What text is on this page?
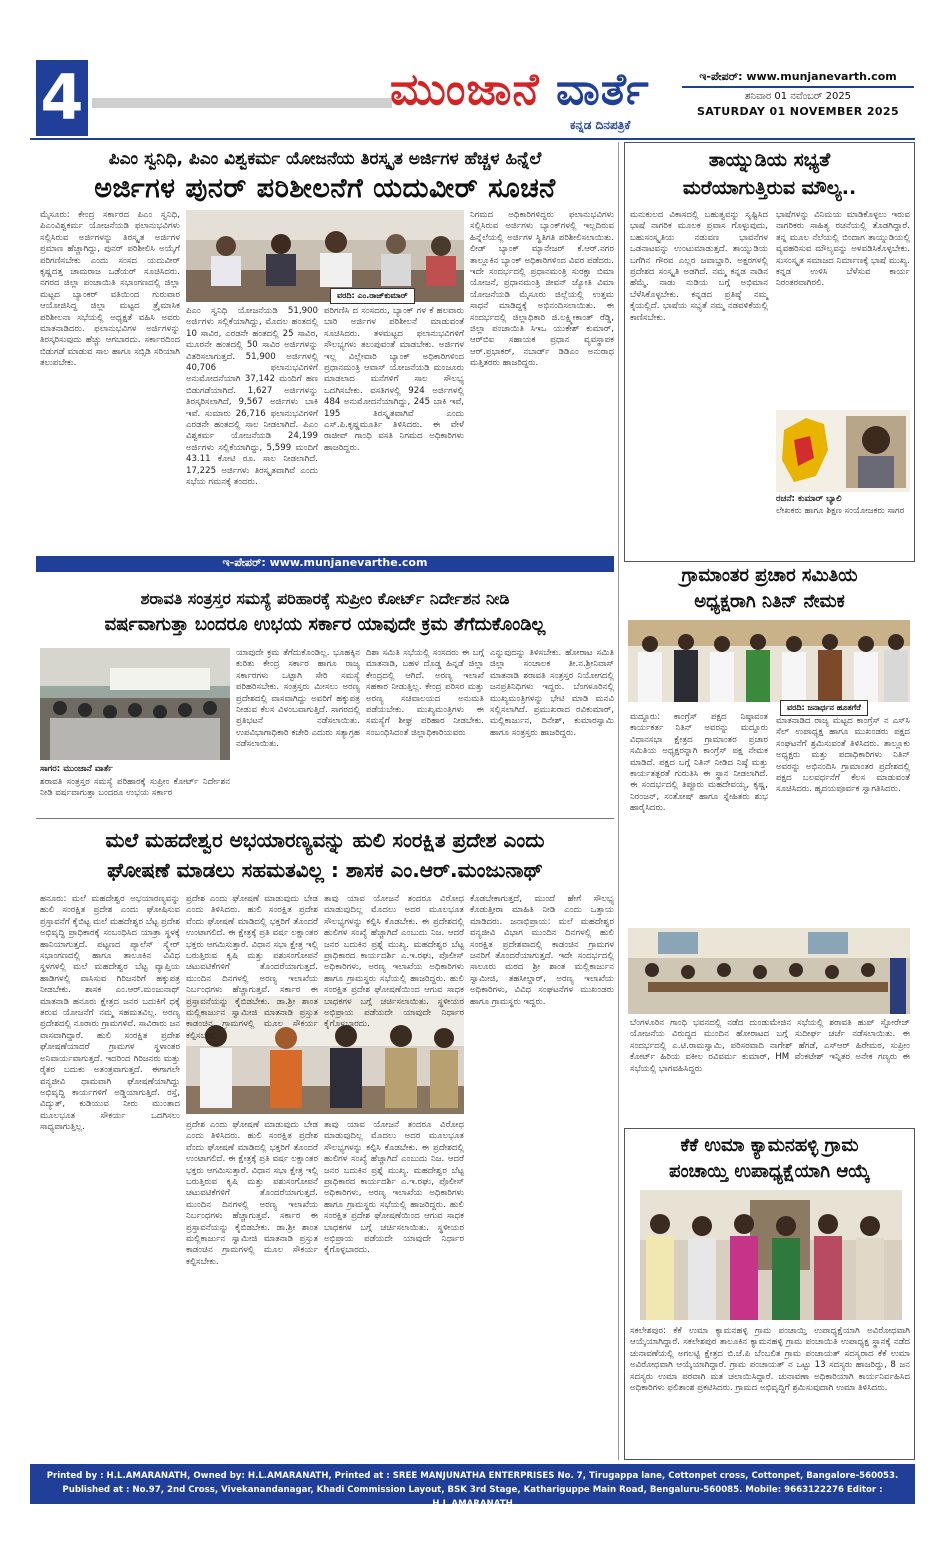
4	ಮುಂಜಾನೆ ವಾರ್ತೆ
ಕನ್ನಡ ದಿನಪತ್ರಿಕೆ
ಇ-ಪೇಪರ್: www.munjanevarth.com
ಶನಿವಾರ 01 ನವೆಂಬರ್ 2025
SATURDAY 01 NOVEMBER 2025
ಪಿಎಂ ಸ್ವನಿಧಿ, ಪಿಎಂ ವಿಶ್ವಕರ್ಮ ಯೋಜನೆಯ ತಿರಸ್ಕೃತ ಅರ್ಜಿಗಳ ಹೆಚ್ಚಳ ಹಿನ್ನೆಲೆ
ಅರ್ಜಿಗಳ ಪುನರ್ ಪರಿಶೀಲನೆಗೆ ಯದುವೀರ್ ಸೂಚನೆ
ಮೈಸೂರು: ಕೇಂದ್ರ ಸರ್ಕಾರದ ಪಿಎಂ ಸ್ವನಿಧಿ, ಪಿಎಂವಿಶ್ವಕರ್ಮ ಯೋಜನೆಯಡಿ ಫಲಾನುಭವಿಗಳು ಸಲ್ಲಿಸಿರುವ ಅರ್ಜಿಗಳನ್ನು ತಿರಸ್ಕೃತ ಅರ್ಜಿಗಳ ಪ್ರಮಾಣ ಹೆಚ್ಚಾಗಿದ್ದು, ಪುನರ್ ಪರಿಶೀಲಿಸಿ ಅಯ್ಕೆಗೆ ಪರಿಗಣಿಸಬೇಕು ಎಂದು ಸಂಸದ ಯದುವೀರ್ ಕೃಷ್ಣದತ್ತ ಚಾಮರಾಜ ಒಡೆಯರ್ ಸೂಚಿಸಿದರು. ನಗರದ ಜಿಲ್ಲಾ ಪಂಚಾಯಿತಿ ಸಭಾಂಗಣದಲ್ಲಿ ಜಿಲ್ಲಾ ಮಟ್ಟದ ಬ್ಯಾಂಕರ್ ವತಿಯಿಂದ ಗುರುವಾರ ಆಯೋಜಿಸಿದ್ದ ಜಿಲ್ಲಾ ಮಟ್ಟದ ತ್ರೈಮಾಸಿಕ ಪರಿಶೀಲನಾ ಸಭೆಯಲ್ಲಿ ಅಧ್ಯಕ್ಷತೆ ವಹಿಸಿ ಅವರು ಮಾತನಾಡಿದರು. ಫಲಾನುಭವಿಗಳ ಅರ್ಜಿಗಳನ್ನು ತಿರಸ್ಕರಿಸುವುದು ಹೆಚ್ಚು ಆಗಬಾರದು. ಸರ್ಕಾರದಿಂದ ಬಿಡುಗಡೆ ಮಾಡುವ ಸಾಲ ಹಾಗೂ ಸಬ್ಸಿಡಿ ಸರಿಯಾಗಿ ತಲುಪಬೇಕು.
ವರದಿ: ಎಂ.ರಾಜ್‌ಕುಮಾರ್
ಪಿಎಂ ಸ್ವನಿಧಿ ಯೋಜನೆಯಡಿ 51,900 ಅರ್ಜಿಗಳು ಸಲ್ಲಿಕೆಯಾಗಿದ್ದು, ಮೊದಲ ಹಂತದಲ್ಲಿ 10 ಸಾವಿರ, ಎರಡನೇ ಹಂತದಲ್ಲಿ 25 ಸಾವಿರ, ಮೂರನೇ ಹಂತದಲ್ಲಿ 50 ಸಾವಿರ ಅರ್ಜಿಗಳನ್ನು ವಿತರಿಸಲಾಗುತ್ತದೆ. 51,900 ಅರ್ಜಿಗಳಲ್ಲಿ 40,706 ಫಲಾನುಭವಿಗಳಿಗೆ ಅನುಮೋದನೆಯಾಗಿ 37,142 ಮಂದಿಗೆ ಹಣ ಬಿಡುಗಡೆಯಾಗಿದೆ. 1,627 ಅರ್ಜಿಗಳನ್ನು ತಿರಸ್ಕರಿಸಲಾಗಿದೆ, 9,567 ಅರ್ಜಿಗಳು ಬಾಕಿ ಇವೆ. ಸುಮಾರು 26,716 ಫಲಾನುಭವಿಗಳಿಗೆ ಎರಡನೇ ಹಂತದಲ್ಲಿ ಸಾಲ ನೀಡಲಾಗಿದೆ. ಪಿಎಂ ವಿಶ್ವಕರ್ಮ ಯೋಜನೆಯಡಿ 24,199 ಅರ್ಜಿಗಳು ಸಲ್ಲಿಕೆಯಾಗಿದ್ದು, 5,599 ಮಂದಿಗೆ 43.11 ಕೋಟಿ ರೂ. ಸಾಲ ನೀಡಲಾಗಿದೆ. 17,225 ಅರ್ಜಿಗಳು ತಿರಸ್ಕೃತವಾಗಿವೆ ಎಂದು ಸಭೆಯ ಗಮನಕ್ಕೆ ತಂದರು.
ಪರಿಗಣಿಸಿ ದ ಸಂಸದರು, ಬ್ಯಾಂಕ್ ಗಳ ಕೆ ಹಲವಾರು ಬಾರಿ ಅರ್ಜಿಗಳ ಪರಿಶೀಲನೆ ಮಾಡುವಂತೆ ಸೂಚಿಸಿದರು. ತಳಮಟ್ಟದ ಫಲಾನುಭವಿಗಳಿಗೆ ಸೌಲಭ್ಯಗಳು ತಲುಪುವಂತೆ ಮಾಡಬೇಕು. ಅರ್ಜಿಗಳ ಇಲ್ಲ ವಿಲ್ಲೇವಾರಿ ಬ್ಯಾಂಕ್ ಅಧಿಕಾರಿಗಳಿಂದ ಪ್ರಧಾನಮಂತ್ರಿ ಆವಾಸ್ ಯೋಜನೆಯಡಿ ಮಂಜೂರು ಮಾಡಲಾದ ಮನೆಗಳಿಗೆ ಸಾಲ ಸೌಲಭ್ಯ ಒದಗಿಸಬೇಕು. ವಸತಿಗಳಲ್ಲಿ 924 ಅರ್ಜಿಗಳಲ್ಲಿ 484 ಅನುಮೋದನೆಯಾಗಿದ್ದು, 245 ಬಾಕಿ ಇವೆ, 195 ತಿರಸ್ಕೃತವಾಗಿವೆ ಎಂದು ಎಸ್.ಪಿ.ಕೃಷ್ಣಮೂರ್ತಿ ತಿಳಿಸಿದರು. ಈ ವೇಳೆ ರಾಜೀವ್ ಗಾಂಧಿ ವಸತಿ ನಿಗಮದ ಅಧಿಕಾರಿಗಳು ಹಾಜರಿದ್ದರು.
ನಿಗಮದ ಅಧಿಕಾರಿಗಳಿದ್ದರು ಫಲಾನುಭವಿಗಳು ಸಲ್ಲಿಸಿರುವ ಅರ್ಜಿಗಳು ಬ್ಯಾಂಕ್‌ಗಳಲ್ಲಿ ಇಲ್ಲದಿರುವ ಹಿನ್ನೆಲೆಯಲ್ಲಿ ಅರ್ಜಿಗಳ ಸ್ಥಿತಿಗತಿ ಪರಿಶೀಲಿಸಲಾಯಿತು. ಲೀಡ್ ಬ್ಯಾಂಕ್ ಮ್ಯಾನೇಜರ್ ಕೆ.ಆರ್.ನಗರ ತಾಲ್ಲೂಕಿನ ಬ್ಯಾಂಕ್ ಅಧಿಕಾರಿಗಳಿಂದ ವಿವರ ಪಡೆದರು. ಇದೇ ಸಂದರ್ಭದಲ್ಲಿ ಪ್ರಧಾನಮಂತ್ರಿ ಸುರಕ್ಷಾ ಬಿಮಾ ಯೋಜನೆ, ಪ್ರಧಾನಮಂತ್ರಿ ಜೀವನ್ ಜ್ಯೋತಿ ವಿಮಾ ಯೋಜನೆಯಡಿ ಮೈಸೂರು ಜಿಲ್ಲೆಯಲ್ಲಿ ಉತ್ತಮ ಸಾಧನೆ ಮಾಡಿದ್ದಕ್ಕೆ ಅಭಿನಂದಿಸಲಾಯಿತು. ಈ ಸಂದರ್ಭದಲ್ಲಿ ಜಿಲ್ಲಾಧಿಕಾರಿ ಜಿ.ಲಕ್ಷ್ಮೀಕಾಂತ್ ರೆಡ್ಡಿ, ಜಿಲ್ಲಾ ಪಂಚಾಯಿತಿ ಸಿಇಒ ಯುಕೇಶ್ ಕುಮಾರ್, ಆರ್‌ಬಿಐ ಸಹಾಯಕ ಪ್ರಧಾನ ವ್ಯವಸ್ಥಾಪಕ ಆರ್.ಪ್ರಭಾಕರ್, ನಬಾರ್ಡ್ ಡಿಡಿಎಂ ಅನುರಾಧ ಮತ್ತಿತರರು ಹಾಜರಿದ್ದರು.
ಇ-ಪೇಪರ್: www.munjanevarthe.com
ಶರಾವತಿ ಸಂತ್ರಸ್ತರ ಸಮಸ್ಯೆ ಪರಿಹಾರಕ್ಕೆ ಸುಪ್ರೀಂ ಕೋರ್ಟ್ ನಿರ್ದೇಶನ ನೀಡಿ
ವರ್ಷವಾಗುತ್ತಾ ಬಂದರೂ ಉಭಯ ಸರ್ಕಾರ ಯಾವುದೇ ಕ್ರಮ ತೆಗೆದುಕೊಂಡಿಲ್ಲ
ಸಾಗರ: ಮುಂಜಾನೆ ವಾರ್ತೆ
ಶರಾವತಿ ಸಂತ್ರಸ್ತರ ಸಮಸ್ಯೆ ಪರಿಹಾರಕ್ಕೆ ಸುಪ್ರೀಂ ಕೋರ್ಟ್ ನಿರ್ದೇಶನ ನೀಡಿ ವರ್ಷವಾಗುತ್ತಾ ಬಂದರೂ ಉಭಯ ಸರ್ಕಾರ
ಯಾವುದೇ ಕ್ರಮ ತೆಗೆದುಕೊಂಡಿಲ್ಲ. ಭೂಹಕ್ಕಿನ ಕುರಿತು ಕೇಂದ್ರ ಸರ್ಕಾರ ಹಾಗೂ ರಾಜ್ಯ ಸರ್ಕಾರಗಳು ಒಟ್ಟಾಗಿ ಸೇರಿ ಸಮಸ್ಯೆ ಪರಿಹರಿಸಬೇಕು. ಸಂತ್ರಸ್ತರು ಮೀಸಲು ಅರಣ್ಯ ಪ್ರದೇಶದಲ್ಲಿ ವಾಸವಾಗಿದ್ದು ಅವರಿಗೆ ಹಕ್ಕುಪತ್ರ ನೀಡುವ ಕೆಲಸ ವಿಳಂಬವಾಗುತ್ತಿದೆ. ಸಾಗರದಲ್ಲಿ ಪ್ರತಿಭಟನೆ ನಡೆಸಲಾಯಿತು. ಉಪವಿಭಾಗಾಧಿಕಾರಿ ಕಚೇರಿ ಎದುರು ಸತ್ಯಾಗ್ರಹ ನಡೆಸಲಾಯಿತು.
ದಿಶಾ ಸಮಿತಿ ಸಭೆಯಲ್ಲಿ ಸಂಸದರು ಈ ಬಗ್ಗೆ ಮಾತನಾಡಿ, ಬಹಳ ದೊಡ್ಡ ಹಿನ್ನಡೆ ಜಿಲ್ಲಾ ಕೇಂದ್ರದಲ್ಲಿ ಆಗಿದೆ. ಅರಣ್ಯ ಇಲಾಖೆ ಸಹಕಾರ ನೀಡುತ್ತಿಲ್ಲ. ಕೇಂದ್ರ ಪರಿಸರ ಮತ್ತು ಅರಣ್ಯ ಸಚಿವಾಲಯದ ಅನುಮತಿ ಪಡೆಯಬೇಕು. ಮುಖ್ಯಮಂತ್ರಿಗಳು ಈ ಸಮಸ್ಯೆಗೆ ಶೀಘ್ರ ಪರಿಹಾರ ನೀಡಬೇಕು. ಸಂಬಂಧಿಸಿದಂತೆ ಜಿಲ್ಲಾಧಿಕಾರಿಯವರು
ಎನ್ನುವುದನ್ನು ತಿಳಿಸಬೇಕು. ಹೋರಾಟ ಸಮಿತಿ ಜಿಲ್ಲಾ ಸಂಚಾಲಕ ತೀ.ನ.ಶ್ರೀನಿವಾಸ್ ಮಾತನಾಡಿ ಶರಾವತಿ ಸಂತ್ರಸ್ತರ ನಿಯೋಗದಲ್ಲಿ ಜನಪ್ರತಿನಿಧಿಗಳು ಇದ್ದರು. ಬೆಂಗಳೂರಿನಲ್ಲಿ ಮುಖ್ಯಮಂತ್ರಿಗಳನ್ನು ಭೇಟಿ ಮಾಡಿ ಮನವಿ ಸಲ್ಲಿಸಲಾಗಿದೆ. ಪ್ರಮುಖರಾದ ರವಿಕುಮಾರ್, ಮಲ್ಲಿಕಾರ್ಜುನ, ದಿನೇಶ್, ಕುಮಾರಸ್ವಾಮಿ ಹಾಗೂ ಸಂತ್ರಸ್ತರು ಹಾಜರಿದ್ದರು.
ಮಲೆ ಮಹದೇಶ್ವರ ಅಭಯಾರಣ್ಯವನ್ನು ಹುಲಿ ಸಂರಕ್ಷಿತ ಪ್ರದೇಶ ಎಂದು
ಘೋಷಣೆ ಮಾಡಲು ಸಹಮತವಿಲ್ಲ : ಶಾಸಕ ಎಂ.ಆರ್.ಮಂಜುನಾಥ್
ಹನೂರು: ಮಲೆ ಮಹದೇಶ್ವರ ಅಭಯಾರಣ್ಯವನ್ನು ಹುಲಿ ಸಂರಕ್ಷಿತ ಪ್ರದೇಶ ಎಂದು ಘೋಷಿಸುವ ಪ್ರಸ್ತಾವನೆಗೆ ಕೈಬಿಟ್ಟ ಮಲೆ ಮಹದೇಶ್ವರ ಬೆಟ್ಟ ಪ್ರದೇಶ ಅಭಿವೃದ್ಧಿ ಪ್ರಾಧಿಕಾರಕ್ಕೆ ಸಂಬಂಧಿಸಿದ ಯಾತ್ರಾ ಸ್ಥಳಕ್ಕೆ ಹಾನಿಯಾಗುತ್ತದೆ. ಪಟ್ಟಣದ ಪ್ಯಾಲೆಸ್ ಸ್ಕ್ವೇರ್ ಸಭಾಂಗಣದಲ್ಲಿ ಹಾಗೂ ತಾಲೂಕಿನ ವಿವಿಧ ಸ್ಥಳಗಳಲ್ಲಿ ಮಲೆ ಮಹದೇಶ್ವರ ಬೆಟ್ಟ ವ್ಯಾಪ್ತಿಯ ಹಾಡಿಗಳಲ್ಲಿ ವಾಸಿಸುವ ಗಿರಿಜನರಿಗೆ ಹಕ್ಕುಪತ್ರ ನೀಡಬೇಕು. ಶಾಸಕ ಎಂ.ಆರ್.ಮಂಜುನಾಥ್ ಮಾತನಾಡಿ ಹನೂರು ಕ್ಷೇತ್ರದ ಜನರ ಬದುಕಿಗೆ ಧಕ್ಕೆ ತರುವ ಯೋಜನೆಗೆ ನಮ್ಮ ಸಹಮತವಿಲ್ಲ. ಅರಣ್ಯ ಪ್ರದೇಶದಲ್ಲಿ ನೂರಾರು ಗ್ರಾಮಗಳಿವೆ. ಸಾವಿರಾರು ಜನ ವಾಸವಾಗಿದ್ದಾರೆ. ಹುಲಿ ಸಂರಕ್ಷಿತ ಪ್ರದೇಶ ಘೋಷಣೆಯಾದರೆ ಗ್ರಾಮಗಳ ಸ್ಥಳಾಂತರ ಅನಿವಾರ್ಯವಾಗುತ್ತದೆ. ಇದರಿಂದ ಗಿರಿಜನರು ಮತ್ತು ರೈತರ ಬದುಕು ಅತಂತ್ರವಾಗುತ್ತದೆ. ಈಗಾಗಲೇ ವನ್ಯಜೀವಿ ಧಾಮವಾಗಿ ಘೋಷಣೆಯಾಗಿದ್ದು ಅಭಿವೃದ್ಧಿ ಕಾರ್ಯಗಳಿಗೆ ಅಡ್ಡಿಯಾಗುತ್ತಿದೆ. ರಸ್ತೆ, ವಿದ್ಯುತ್, ಕುಡಿಯುವ ನೀರು ಮುಂತಾದ ಮೂಲಭೂತ ಸೌಕರ್ಯ ಒದಗಿಸಲು ಸಾಧ್ಯವಾಗುತ್ತಿಲ್ಲ.
ಪ್ರದೇಶ ಎಂದು ಘೋಷಣೆ ಮಾಡುವುದು ಬೇಡ ಎಂದು ತಿಳಿಸಿದರು. ಹುಲಿ ಸಂರಕ್ಷಿತ ಪ್ರದೇಶ ವೆಂದು ಘೋಷಣೆ ಮಾಡಿದಲ್ಲಿ ಭಕ್ತರಿಗೆ ತೊಂದರೆ ಉಂಟಾಗಲಿದೆ. ಈ ಕ್ಷೇತ್ರಕ್ಕೆ ಪ್ರತಿ ವರ್ಷ ಲಕ್ಷಾಂತರ ಭಕ್ತರು ಆಗಮಿಸುತ್ತಾರೆ. ವಿಧಾನ ಸಭಾ ಕ್ಷೇತ್ರ ಇಲ್ಲಿ ಬರುತ್ತಿರುವ ಕೃಷಿ ಮತ್ತು ಪಶುಸಂಗೋಪನೆ ಚಟುವಟಿಕೆಗಳಿಗೆ ತೊಂದರೆಯಾಗುತ್ತದೆ. ಮುಂದಿನ ದಿನಗಳಲ್ಲಿ ಅರಣ್ಯ ಇಲಾಖೆಯ ನಿರ್ಬಂಧಗಳು ಹೆಚ್ಚಾಗುತ್ತವೆ. ಸರ್ಕಾರ ಈ ಪ್ರಸ್ತಾವನೆಯನ್ನು ಕೈಬಿಡಬೇಕು. ಡಾ.ಶ್ರೀ ಶಾಂತ ಮಲ್ಲಿಕಾರ್ಜುನ ಸ್ವಾಮೀಜಿ ಮಾತನಾಡಿ ಪ್ರಸ್ತುತ ಕಾಡಂಚಿನ ಗ್ರಾಮಗಳಲ್ಲಿ ಮೂಲ ಸೌಕರ್ಯ ಕಲ್ಪಿಸಬೇಕು.
ಪ್ರದೇಶ ಎಂದು ಘೋಷಣೆ ಮಾಡುವುದು ಬೇಡ ಎಂದು ತಿಳಿಸಿದರು. ಹುಲಿ ಸಂರಕ್ಷಿತ ಪ್ರದೇಶ ವೆಂದು ಘೋಷಣೆ ಮಾಡಿದಲ್ಲಿ ಭಕ್ತರಿಗೆ ತೊಂದರೆ ಉಂಟಾಗಲಿದೆ. ಈ ಕ್ಷೇತ್ರಕ್ಕೆ ಪ್ರತಿ ವರ್ಷ ಲಕ್ಷಾಂತರ ಭಕ್ತರು ಆಗಮಿಸುತ್ತಾರೆ. ವಿಧಾನ ಸಭಾ ಕ್ಷೇತ್ರ ಇಲ್ಲಿ ಬರುತ್ತಿರುವ ಕೃಷಿ ಮತ್ತು ಪಶುಸಂಗೋಪನೆ ಚಟುವಟಿಕೆಗಳಿಗೆ ತೊಂದರೆಯಾಗುತ್ತದೆ. ಮುಂದಿನ ದಿನಗಳಲ್ಲಿ ಅರಣ್ಯ ಇಲಾಖೆಯ ನಿರ್ಬಂಧಗಳು ಹೆಚ್ಚಾಗುತ್ತವೆ. ಸರ್ಕಾರ ಈ ಪ್ರಸ್ತಾವನೆಯನ್ನು ಕೈಬಿಡಬೇಕು. ಡಾ.ಶ್ರೀ ಶಾಂತ ಮಲ್ಲಿಕಾರ್ಜುನ ಸ್ವಾಮೀಜಿ ಮಾತನಾಡಿ ಪ್ರಸ್ತುತ ಕಾಡಂಚಿನ ಗ್ರಾಮಗಳಲ್ಲಿ ಮೂಲ ಸೌಕರ್ಯ ಕಲ್ಪಿಸಬೇಕು.
ತಾವು ಯಾವ ಯೋಜನೆ ತಂದರೂ ವಿರೋಧ ಮಾಡುವುದಿಲ್ಲ ಮೊದಲು ಅದರ ಮೂಲಭೂತ ಸೌಲಭ್ಯಗಳನ್ನು ಕಲ್ಪಿಸಿ ಕೊಡಬೇಕು. ಈ ಪ್ರದೇಶದಲ್ಲಿ ಹುಲಿಗಳ ಸಂಖ್ಯೆ ಹೆಚ್ಚಾಗಿದೆ ಎಂಬುದು ನಿಜ. ಆದರೆ ಜನರ ಬದುಕಿನ ಪ್ರಶ್ನೆ ಮುಖ್ಯ. ಮಹದೇಶ್ವರ ಬೆಟ್ಟ ಪ್ರಾಧಿಕಾರದ ಕಾರ್ಯದರ್ಶಿ ಎ.ಇ.ರಘು, ಪೊಲೀಸ್ ಅಧಿಕಾರಿಗಳು, ಅರಣ್ಯ ಇಲಾಖೆಯ ಅಧಿಕಾರಿಗಳು ಹಾಗೂ ಗ್ರಾಮಸ್ಥರು ಸಭೆಯಲ್ಲಿ ಹಾಜರಿದ್ದರು. ಹುಲಿ ಸಂರಕ್ಷಿತ ಪ್ರದೇಶ ಘೋಷಣೆಯಿಂದ ಆಗುವ ಸಾಧಕ ಬಾಧಕಗಳ ಬಗ್ಗೆ ಚರ್ಚಿಸಲಾಯಿತು. ಸ್ಥಳೀಯರ ಅಭಿಪ್ರಾಯ ಪಡೆಯದೇ ಯಾವುದೇ ನಿರ್ಧಾರ ಕೈಗೊಳ್ಳಬಾರದು.
ತಾವು ಯಾವ ಯೋಜನೆ ತಂದರೂ ವಿರೋಧ ಮಾಡುವುದಿಲ್ಲ ಮೊದಲು ಅದರ ಮೂಲಭೂತ ಸೌಲಭ್ಯಗಳನ್ನು ಕಲ್ಪಿಸಿ ಕೊಡಬೇಕು. ಈ ಪ್ರದೇಶದಲ್ಲಿ ಹುಲಿಗಳ ಸಂಖ್ಯೆ ಹೆಚ್ಚಾಗಿದೆ ಎಂಬುದು ನಿಜ. ಆದರೆ ಜನರ ಬದುಕಿನ ಪ್ರಶ್ನೆ ಮುಖ್ಯ. ಮಹದೇಶ್ವರ ಬೆಟ್ಟ ಪ್ರಾಧಿಕಾರದ ಕಾರ್ಯದರ್ಶಿ ಎ.ಇ.ರಘು, ಪೊಲೀಸ್ ಅಧಿಕಾರಿಗಳು, ಅರಣ್ಯ ಇಲಾಖೆಯ ಅಧಿಕಾರಿಗಳು ಹಾಗೂ ಗ್ರಾಮಸ್ಥರು ಸಭೆಯಲ್ಲಿ ಹಾಜರಿದ್ದರು. ಹುಲಿ ಸಂರಕ್ಷಿತ ಪ್ರದೇಶ ಘೋಷಣೆಯಿಂದ ಆಗುವ ಸಾಧಕ ಬಾಧಕಗಳ ಬಗ್ಗೆ ಚರ್ಚಿಸಲಾಯಿತು. ಸ್ಥಳೀಯರ ಅಭಿಪ್ರಾಯ ಪಡೆಯದೇ ಯಾವುದೇ ನಿರ್ಧಾರ ಕೈಗೊಳ್ಳಬಾರದು.
ಕೊಡಬೇಕಾಗುತ್ತದೆ, ಮುಂದೆ ಹೇಗೆ ಸೌಲಭ್ಯ ಕೊಡುತ್ತೀರಾ ಮಾಹಿತಿ ನೀಡಿ ಎಂದು ಒತ್ತಾಯ ಮಾಡಿದರು. ಜನಾಭಿಪ್ರಾಯ: ಮಲೆ ಮಹದೇಶ್ವರ ವನ್ಯಜೀವಿ ವಿಭಾಗ ಮುಂದಿನ ದಿನಗಳಲ್ಲಿ ಹುಲಿ ಸಂರಕ್ಷಿತ ಪ್ರದೇಶವಾದಲ್ಲಿ ಕಾಡಂಚಿನ ಗ್ರಾಮಗಳ ಜನರಿಗೆ ತೊಂದರೆಯಾಗುತ್ತದೆ. ಇದೇ ಸಂದರ್ಭದಲ್ಲಿ ಸಾಲೂರು ಮಠದ ಶ್ರೀ ಶಾಂತ ಮಲ್ಲಿಕಾರ್ಜುನ ಸ್ವಾಮೀಜಿ, ತಹಸೀಲ್ದಾರ್, ಅರಣ್ಯ ಇಲಾಖೆಯ ಅಧಿಕಾರಿಗಳು, ವಿವಿಧ ಸಂಘಟನೆಗಳ ಮುಖಂಡರು ಹಾಗೂ ಗ್ರಾಮಸ್ಥರು ಇದ್ದರು.
ತಾಯ್ನುಡಿಯ ಸಭ್ಯತೆ
ಮರೆಯಾಗುತ್ತಿರುವ ಮೌಲ್ಯ..
ಮನುಕುಲದ ವಿಕಾಸದಲ್ಲಿ ಬಹುತ್ವವನ್ನು ಸೃಷ್ಟಿಸಿದ ಭಾಷೆ ನಾಗರಿಕ ಮೂಲಕ ಪ್ರವಾಸ ಗೊಳ್ಳುವುದು, ಬಹುಸಂಸ್ಕೃತಿಯ ನಡುವಣ ಭಾವನೆಗಳ ಒಡನಾಟವನ್ನು ಉಂಟುಮಾಡುತ್ತದೆ. ತಾಯ್ನುಡಿಯ ಬಗೆಗಿನ ಗೌರವ ಎಲ್ಲರ ಜವಾಬ್ದಾರಿ. ಅಕ್ಷರಗಳಲ್ಲಿ ಪ್ರದೇಶದ ಸಂಸ್ಕೃತಿ ಅಡಗಿದೆ. ನಮ್ಮ ಕನ್ನಡ ನಾಡಿನ ಹೆಮ್ಮೆ. ನಾಡು ನುಡಿಯ ಬಗ್ಗೆ ಅಭಿಮಾನ ಬೆಳೆಸಿಕೊಳ್ಳಬೇಕು. ಕನ್ನಡದ ಪ್ರತಿಷ್ಠೆ ನಮ್ಮ ಕೈಯಲ್ಲಿದೆ. ಭಾಷೆಯ ಸಭ್ಯತೆ ನಮ್ಮ ನಡವಳಿಕೆಯಲ್ಲಿ ಕಾಣಿಸಬೇಕು.
ಭಾಷೆಗಳನ್ನು ವಿನಿಮಯ ಮಾಡಿಕೊಳ್ಳಲು ಇರುವ ನಾಗರಿಕರು ಸಾಹಿತ್ಯ ರಚನೆಯಲ್ಲಿ ತೊಡಗಿದ್ದಾರೆ. ತನ್ನ ಮೂಲ ನೆಲೆಯಲ್ಲಿ ಬಿಂದಾಗ ತಾಯ್ನುಡಿಯಲ್ಲಿ ವ್ಯವಹರಿಸುವ ಮೌಲ್ಯವನ್ನು ಅಳವಡಿಸಿಕೊಳ್ಳಬೇಕು. ಸುಸಂಸ್ಕೃತ ಸಮಾಜದ ನಿರ್ಮಾಣಕ್ಕೆ ಭಾಷೆ ಮುಖ್ಯ. ಕನ್ನಡ ಉಳಿಸಿ ಬೆಳೆಸುವ ಕಾರ್ಯ ನಿರಂತರವಾಗಿರಲಿ.
ರಚನೆ: ಕುಮಾರ್ ಬ್ಯಾಲಿ
ಲೇಖಕರು ಹಾಗೂ ಶಿಕ್ಷಣ ಸಂಯೋಜಕರು ಸಾಗರ
ಗ್ರಾಮಾಂತರ ಪ್ರಚಾರ ಸಮಿತಿಯ
ಅಧ್ಯಕ್ಷರಾಗಿ ನಿತಿನ್ ನೇಮಕ
ವರದಿ: ಜನಾರ್ಧನ ಹೂತಗೆರೆ
ಮದ್ದೂರು: ಕಾಂಗ್ರೆಸ್ ಪಕ್ಷದ ನಿಷ್ಠಾವಂತ ಕಾರ್ಯಕರ್ತ ನಿತಿನ್ ಅವರನ್ನು ಮದ್ದೂರು ವಿಧಾನಸಭಾ ಕ್ಷೇತ್ರದ ಗ್ರಾಮಾಂತರ ಪ್ರಚಾರ ಸಮಿತಿಯ ಅಧ್ಯಕ್ಷರನ್ನಾಗಿ ಕಾಂಗ್ರೆಸ್ ಪಕ್ಷ ನೇಮಕ ಮಾಡಿದೆ. ಪಕ್ಷದ ಬಗ್ಗೆ ನಿತಿನ್ ನೀಡಿದ ನಿಷ್ಠೆ ಮತ್ತು ಕಾರ್ಯತತ್ಪರತೆ ಗುರುತಿಸಿ ಈ ಸ್ಥಾನ ನೀಡಲಾಗಿದೆ. ಈ ಸಂದರ್ಭದಲ್ಲಿ ತಿಪ್ಪೂರು ಮಹದೇವಯ್ಯ, ಕೃಷ್ಣ, ನಿರಂಜನ್, ಸಂತೋಷ್ ಹಾಗೂ ಸ್ನೇಹಿತರು ಶುಭ ಹಾರೈಸಿದರು.
ಮಾತನಾಡಿದ ರಾಜ್ಯ ಮಟ್ಟದ ಕಾಂಗ್ರೆಸ್ ನ ಎಸ್‌ಸಿ ಸೆಲ್ ಉಪಾಧ್ಯಕ್ಷ ಹಾಗೂ ಮುಖಂಡರು ಪಕ್ಷದ ಸಂಘಟನೆಗೆ ಶ್ರಮಿಸುವಂತೆ ತಿಳಿಸಿದರು. ತಾಲ್ಲೂಕು ಅಧ್ಯಕ್ಷರು ಮತ್ತು ಪದಾಧಿಕಾರಿಗಳು ನಿತಿನ್ ಅವರನ್ನು ಅಭಿನಂದಿಸಿ ಗ್ರಾಮಾಂತರ ಪ್ರದೇಶದಲ್ಲಿ ಪಕ್ಷದ ಬಲವರ್ಧನೆಗೆ ಕೆಲಸ ಮಾಡುವಂತೆ ಸೂಚಿಸಿದರು. ಹೃದಯಪೂರ್ವಕ ಸ್ವಾಗತಿಸಿದರು.
ಬೆಂಗಳೂರಿನ ಗಾಂಧಿ ಭವನದಲ್ಲಿ ನಡೆದ ದುಂಡುಮೇಜಿನ ಸಭೆಯಲ್ಲಿ ಶರಾವತಿ ಹುಪ್ ಸ್ಟೋರೇಜ್ ಯೋಜನೆಯ ವಿರುದ್ಧದ ಮುಂದಿನ ಹೋರಾಟದ ಬಗ್ಗೆ ಸುದೀರ್ಘ ಚರ್ಚೆ ನಡೆಸಲಾಯಿತು. ಈ ಸಂದರ್ಭದಲ್ಲಿ ಎ.ಟಿ.ರಾಮಸ್ವಾಮಿ, ಪರಿಸರವಾದಿ ನಾಗೇಶ್ ಹೆಗಡೆ, ಎಸ್‌ಆರ್ ಹಿರೇಮಠ, ಸುಪ್ರೀಂ ಕೋರ್ಟ್ ಹಿರಿಯ ವಕೀಲ ರವಿವರ್ಮ ಕುಮಾರ್, HM ವೆಂಕಟೇಶ್ ಇನ್ನಿತರ ಅನೇಕ ಗಣ್ಯರು ಈ ಸಭೆಯಲ್ಲಿ ಭಾಗವಹಿಸಿದ್ದರು
ಕೆಕೆ ಉಮಾ ಕ್ಯಾಮನಹಳ್ಳಿ ಗ್ರಾಮ
ಪಂಚಾಯ್ತಿ ಉಪಾಧ್ಯಕ್ಷೆಯಾಗಿ ಆಯ್ಕೆ
ಸಕಲೇಶಪುರ: ಕೆಕೆ ಉಮಾ ಕ್ಯಾಮನಹಳ್ಳಿ ಗ್ರಾಮ ಪಂಚಾಯ್ತಿ ಉಪಾಧ್ಯಕ್ಷೆಯಾಗಿ ಅವಿರೋಧವಾಗಿ ಆಯ್ಕೆಯಾಗಿದ್ದಾರೆ. ಸಕಲೇಶಪುರ ತಾಲೂಕಿನ ಕ್ಯಾಮನಹಳ್ಳಿ ಗ್ರಾಮ ಪಂಚಾಯಿತಿ ಉಪಾಧ್ಯಕ್ಷ ಸ್ಥಾನಕ್ಕೆ ನಡೆದ ಚುನಾವಣೆಯಲ್ಲಿ ಅಗಲಟ್ಟಿ ಕ್ಷೇತ್ರದ ಬಿ.ಜೆ.ಪಿ ಬೆಂಬಲಿತ ಗ್ರಾಮ ಪಂಚಾಯತ್ ಸದಸ್ಯರಾದ ಕೆಕೆ ಉಮಾ ಅವಿರೋಧವಾಗಿ ಆಯ್ಕೆಯಾಗಿದ್ದಾರೆ. ಗ್ರಾಮ ಪಂಚಾಯತ್ ನ ಒಟ್ಟು 13 ಸದಸ್ಯರು ಹಾಜರಿದ್ದು, 8 ಜನ ಸದಸ್ಯರು ಉಮಾ ಪರವಾಗಿ ಮತ ಚಲಾಯಿಸಿದ್ದಾರೆ. ಚುನಾವಣಾ ಅಧಿಕಾರಿಯಾಗಿ ಕಾರ್ಯನಿರ್ವಹಿಸಿದ ಅಧಿಕಾರಿಗಳು ಫಲಿತಾಂಶ ಪ್ರಕಟಿಸಿದರು. ಗ್ರಾಮದ ಅಭಿವೃದ್ಧಿಗೆ ಶ್ರಮಿಸುವುದಾಗಿ ಉಮಾ ತಿಳಿಸಿದರು.
Printed by : H.L.AMARANATH, Owned by: H.L.AMARANATH, Printed at : SREE MANJUNATHA ENTERPRISES No. 7, Tirugappa lane, Cottonpet cross, Cottonpet, Bangalore-560053.
Published at : No.97, 2nd Cross, Vivekanandanagar, Khadi Commission Layout, BSK 3rd Stage, Kathariguppe Main Road, Bengaluru-560085. Mobile: 9663122276 Editor : H.L.AMARANATH
